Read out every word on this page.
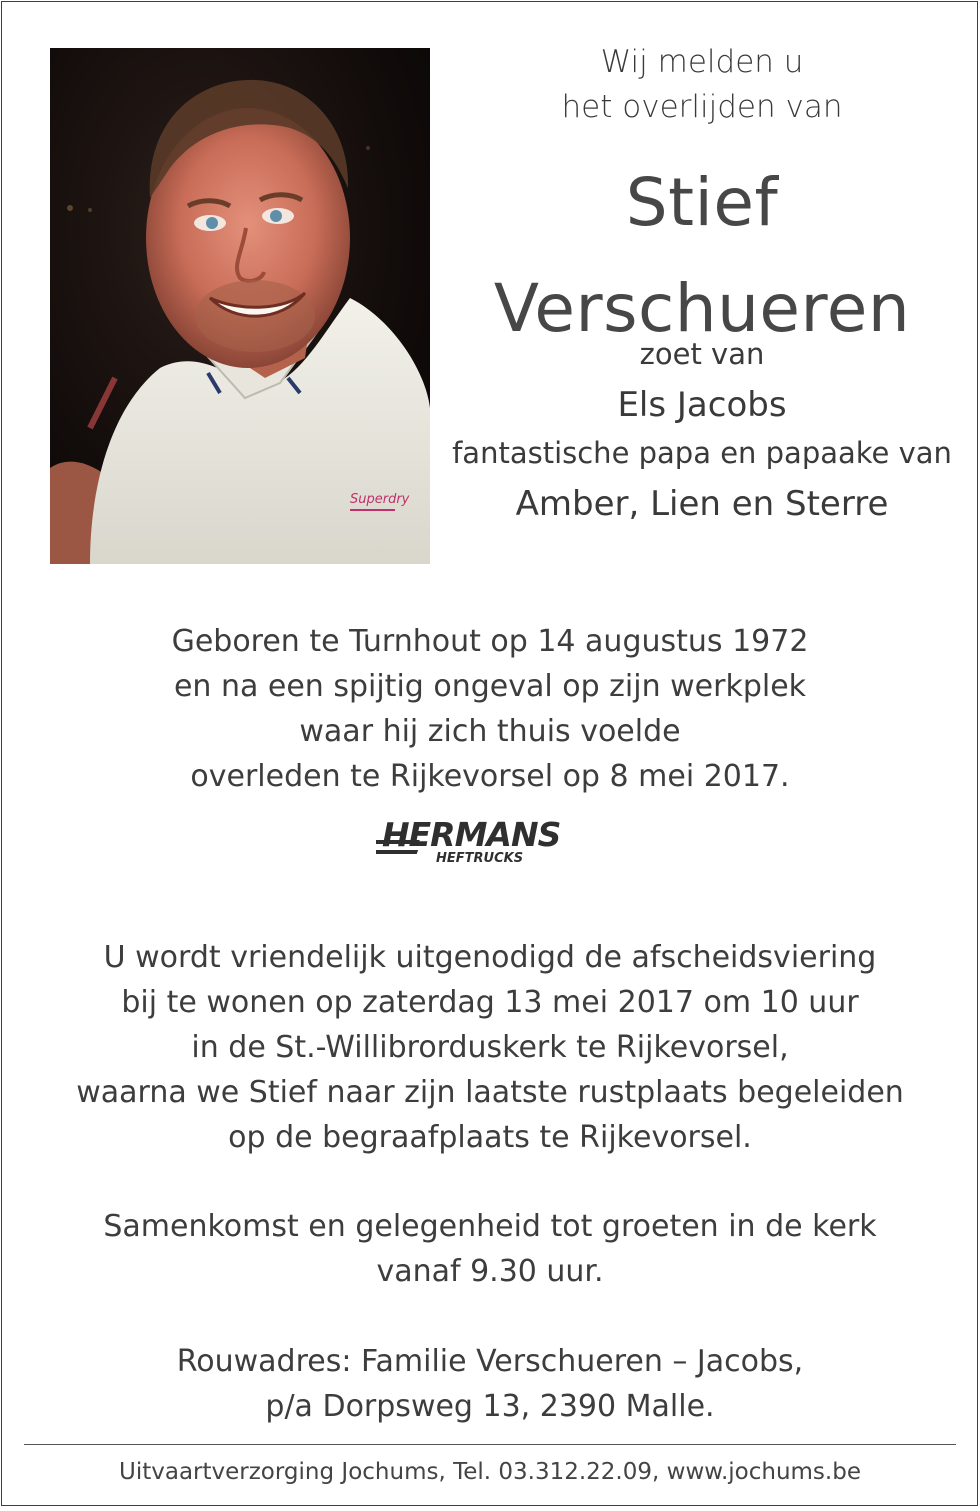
Superdry
Wij melden u
het overlijden van
Stief
Verschueren
zoet van
Els Jacobs
fantastische papa en papaake van
Amber, Lien en Sterre
Geboren te Turnhout op 14 augustus 1972
en na een spijtig ongeval op zijn werkplek
waar hij zich thuis voelde
overleden te Rijkevorsel op 8 mei 2017.
HERMANS
HEFTRUCKS
U wordt vriendelijk uitgenodigd de afscheidsviering
bij te wonen op zaterdag 13 mei 2017 om 10 uur
in de St.-Willibrorduskerk te Rijkevorsel,
waarna we Stief naar zijn laatste rustplaats begeleiden
op de begraafplaats te Rijkevorsel.
Samenkomst en gelegenheid tot groeten in de kerk
vanaf 9.30 uur.
Rouwadres: Familie Verschueren – Jacobs,
p/a Dorpsweg 13, 2390 Malle.
Uitvaartverzorging Jochums, Tel. 03.312.22.09, www.jochums.be
